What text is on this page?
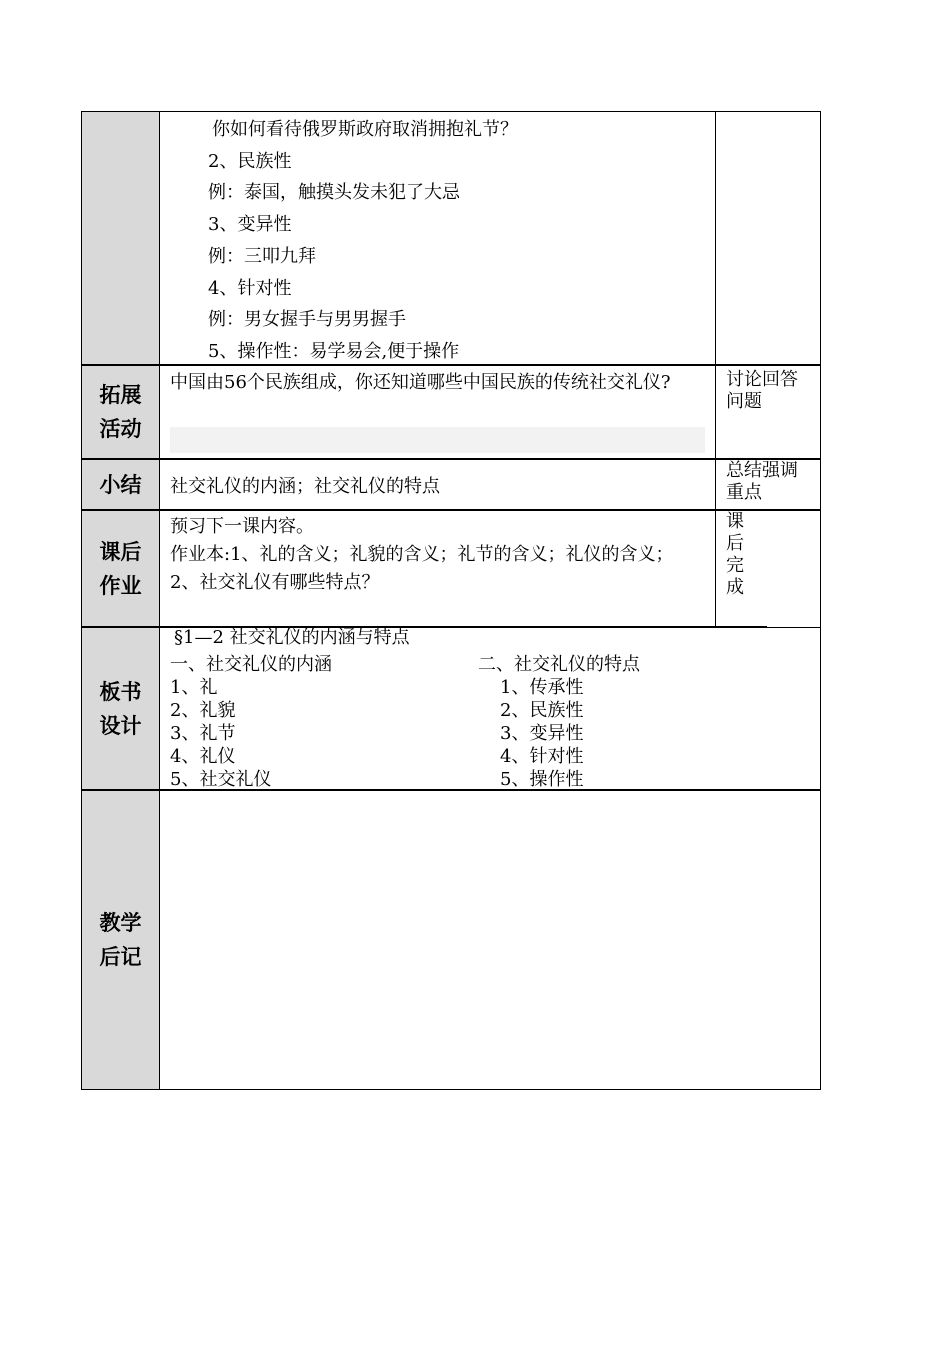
你如何看待俄罗斯政府取消拥抱礼节？
2、民族性
例：泰国，触摸头发未犯了大忌
3、变异性
例：三叩九拜
4、针对性
例：男女握手与男男握手
5、操作性：易学易会,便于操作
拓展活动
中国由56个民族组成，你还知道哪些中国民族的传统社交礼仪?	讨论回答问题
小结 社交礼仪的内涵；社交礼仪的特点
总结强调重点
课后作业
预习下一课内容。
作业本:1、礼的含义；礼貌的含义；礼节的含义；礼仪的含义；
2、社交礼仪有哪些特点？
课后完成
板书设计
§1—2 社交礼仪的内涵与特点
一、社交礼仪的内涵
1、礼
2、礼貌
3、礼节
4、礼仪
5、社交礼仪
二、社交礼仪的特点
1、传承性
2、民族性
3、变异性
4、针对性
5、操作性
教学后记
